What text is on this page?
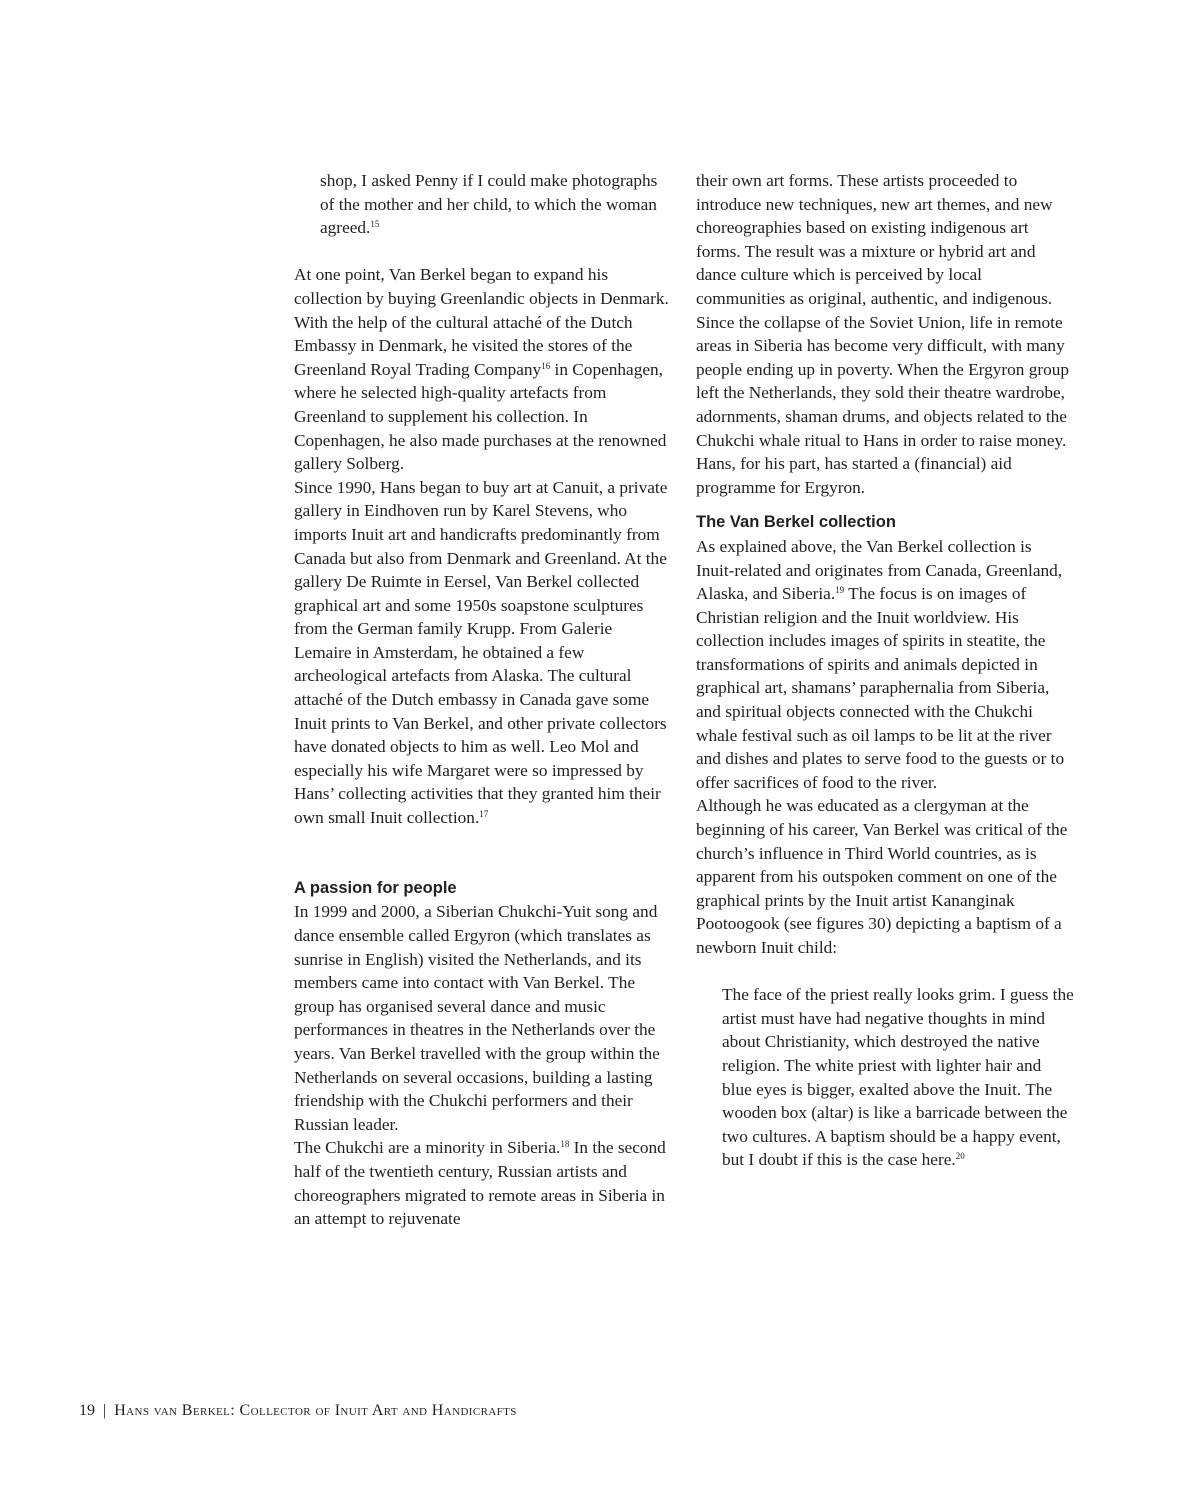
shop, I asked Penny if I could make photographs of the mother and her child, to which the woman agreed.$^{15}$

At one point, Van Berkel began to expand his collection by buying Greenlandic objects in Denmark. With the help of the cultural attaché of the Dutch Embassy in Denmark, he visited the stores of the Greenland Royal Trading Company$^{16}$ in Copenhagen, where he selected high-quality artefacts from Greenland to supplement his collection. In Copenhagen, he also made purchases at the renowned gallery Solberg.

Since 1990, Hans began to buy art at Canuit, a private gallery in Eindhoven run by Karel Stevens, who imports Inuit art and handicrafts predominantly from Canada but also from Denmark and Greenland. At the gallery De Ruimte in Eersel, Van Berkel collected graphical art and some 1950s soapstone sculptures from the German family Krupp. From Galerie Lemaire in Amsterdam, he obtained a few archeological artefacts from Alaska. The cultural attaché of the Dutch embassy in Canada gave some Inuit prints to Van Berkel, and other private collectors have donated objects to him as well. Leo Mol and especially his wife Margaret were so impressed by Hans’ collecting activities that they granted him their own small Inuit collection.$^{17}$

A passion for people

In 1999 and 2000, a Siberian Chukchi-Yuit song and dance ensemble called Ergyron (which translates as sunrise in English) visited the Netherlands, and its members came into contact with Van Berkel. The group has organised several dance and music performances in theatres in the Netherlands over the years. Van Berkel travelled with the group within the Netherlands on several occasions, building a lasting friendship with the Chukchi performers and their Russian leader.

The Chukchi are a minority in Siberia.$^{18}$ In the second half of the twentieth century, Russian artists and choreographers migrated to remote areas in Siberia in an attempt to rejuvenate

their own art forms. These artists proceeded to introduce new techniques, new art themes, and new choreographies based on existing indigenous art forms. The result was a mixture or hybrid art and dance culture which is perceived by local communities as original, authentic, and indigenous.

Since the collapse of the Soviet Union, life in remote areas in Siberia has become very difficult, with many people ending up in poverty. When the Ergyron group left the Netherlands, they sold their theatre wardrobe, adornments, shaman drums, and objects related to the Chukchi whale ritual to Hans in order to raise money. Hans, for his part, has started a (financial) aid programme for Ergyron.

The Van Berkel collection

As explained above, the Van Berkel collection is Inuit-related and originates from Canada, Greenland, Alaska, and Siberia.$^{19}$ The focus is on images of Christian religion and the Inuit worldview. His collection includes images of spirits in steatite, the transformations of spirits and animals depicted in graphical art, shamans’ paraphernalia from Siberia, and spiritual objects connected with the Chukchi whale festival such as oil lamps to be lit at the river and dishes and plates to serve food to the guests or to offer sacrifices of food to the river.

Although he was educated as a clergyman at the beginning of his career, Van Berkel was critical of the church’s influence in Third World countries, as is apparent from his outspoken comment on one of the graphical prints by the Inuit artist Kananginak Pootoogook (see figures 30) depicting a baptism of a newborn Inuit child:

The face of the priest really looks grim. I guess the artist must have had negative thoughts in mind about Christianity, which destroyed the native religion. The white priest with lighter hair and blue eyes is bigger, exalted above the Inuit. The wooden box (altar) is like a barricade between the two cultures. A baptism should be a happy event, but I doubt if this is the case here.$^{20}$

19 | Hans van Berkel: Collector of Inuit Art and Handicrafts
